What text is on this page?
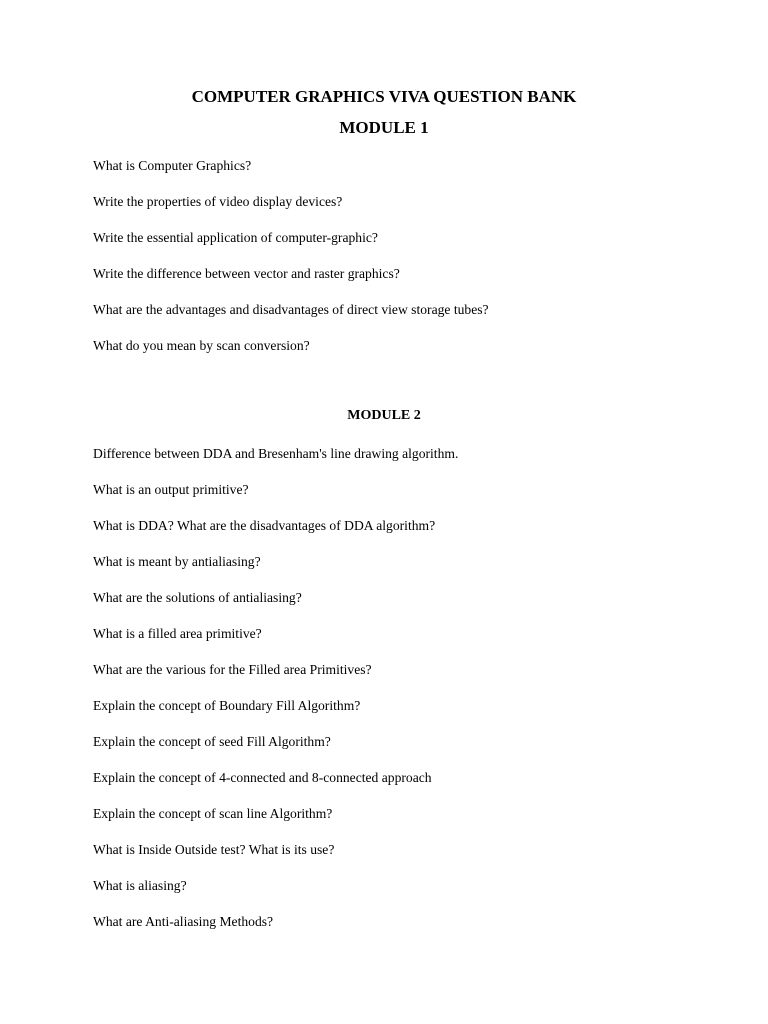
COMPUTER GRAPHICS VIVA QUESTION BANK
MODULE 1
What is Computer Graphics?
Write the properties of video display devices?
Write the essential application of computer-graphic?
Write the difference between vector and raster graphics?
What are the advantages and disadvantages of direct view storage tubes?
What do you mean by scan conversion?
MODULE 2
Difference between DDA and Bresenham's line drawing algorithm.
What is an output primitive?
What is DDA? What are the disadvantages of DDA algorithm?
What is meant by antialiasing?
What are the solutions of antialiasing?
What is a filled area primitive?
What are the various for the Filled area Primitives?
Explain the concept of Boundary Fill Algorithm?
Explain the concept of seed Fill Algorithm?
Explain the concept of 4-connected and 8-connected approach
Explain the concept of scan line Algorithm?
What is Inside Outside test? What is its use?
What is aliasing?
What are Anti-aliasing Methods?
